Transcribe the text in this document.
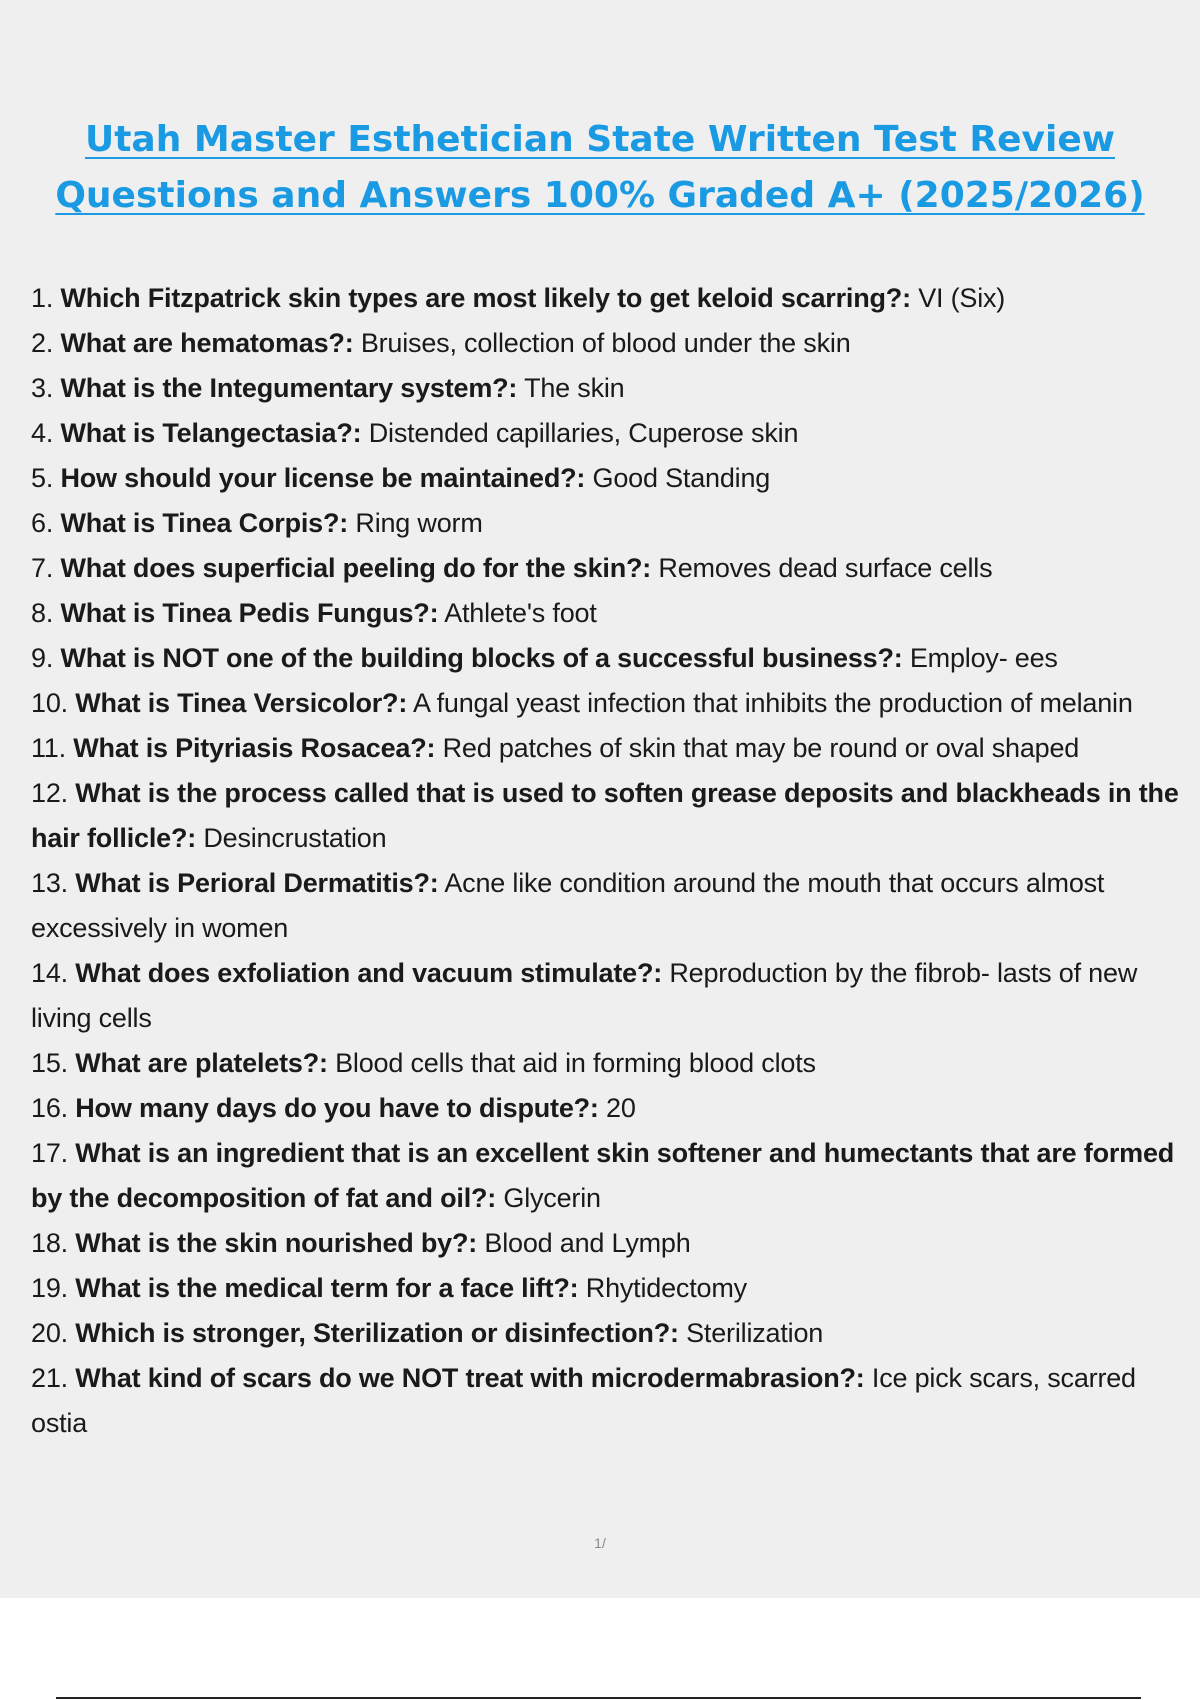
Utah Master Esthetician State Written Test Review
Questions and Answers 100% Graded A+ (2025/2026)
1. Which Fitzpatrick skin types are most likely to get keloid scarring?: VI (Six)
2. What are hematomas?: Bruises, collection of blood under the skin
3. What is the Integumentary system?: The skin
4. What is Telangectasia?: Distended capillaries, Cuperose skin
5. How should your license be maintained?: Good Standing
6. What is Tinea Corpis?: Ring worm
7. What does superficial peeling do for the skin?: Removes dead surface cells
8. What is Tinea Pedis Fungus?: Athlete's foot
9. What is NOT one of the building blocks of a successful business?: Employ- ees
10. What is Tinea Versicolor?: A fungal yeast infection that inhibits the production of melanin
11. What is Pityriasis Rosacea?: Red patches of skin that may be round or oval shaped
12. What is the process called that is used to soften grease deposits and blackheads in the hair follicle?: Desincrustation
13. What is Perioral Dermatitis?: Acne like condition around the mouth that occurs almost excessively in women
14. What does exfoliation and vacuum stimulate?: Reproduction by the fibrob- lasts of new living cells
15. What are platelets?: Blood cells that aid in forming blood clots
16. How many days do you have to dispute?: 20
17. What is an ingredient that is an excellent skin softener and humectants that are formed by the decomposition of fat and oil?: Glycerin
18. What is the skin nourished by?: Blood and Lymph
19. What is the medical term for a face lift?: Rhytidectomy
20. Which is stronger, Sterilization or disinfection?: Sterilization
21. What kind of scars do we NOT treat with microdermabrasion?: Ice pick scars, scarred ostia
1/
